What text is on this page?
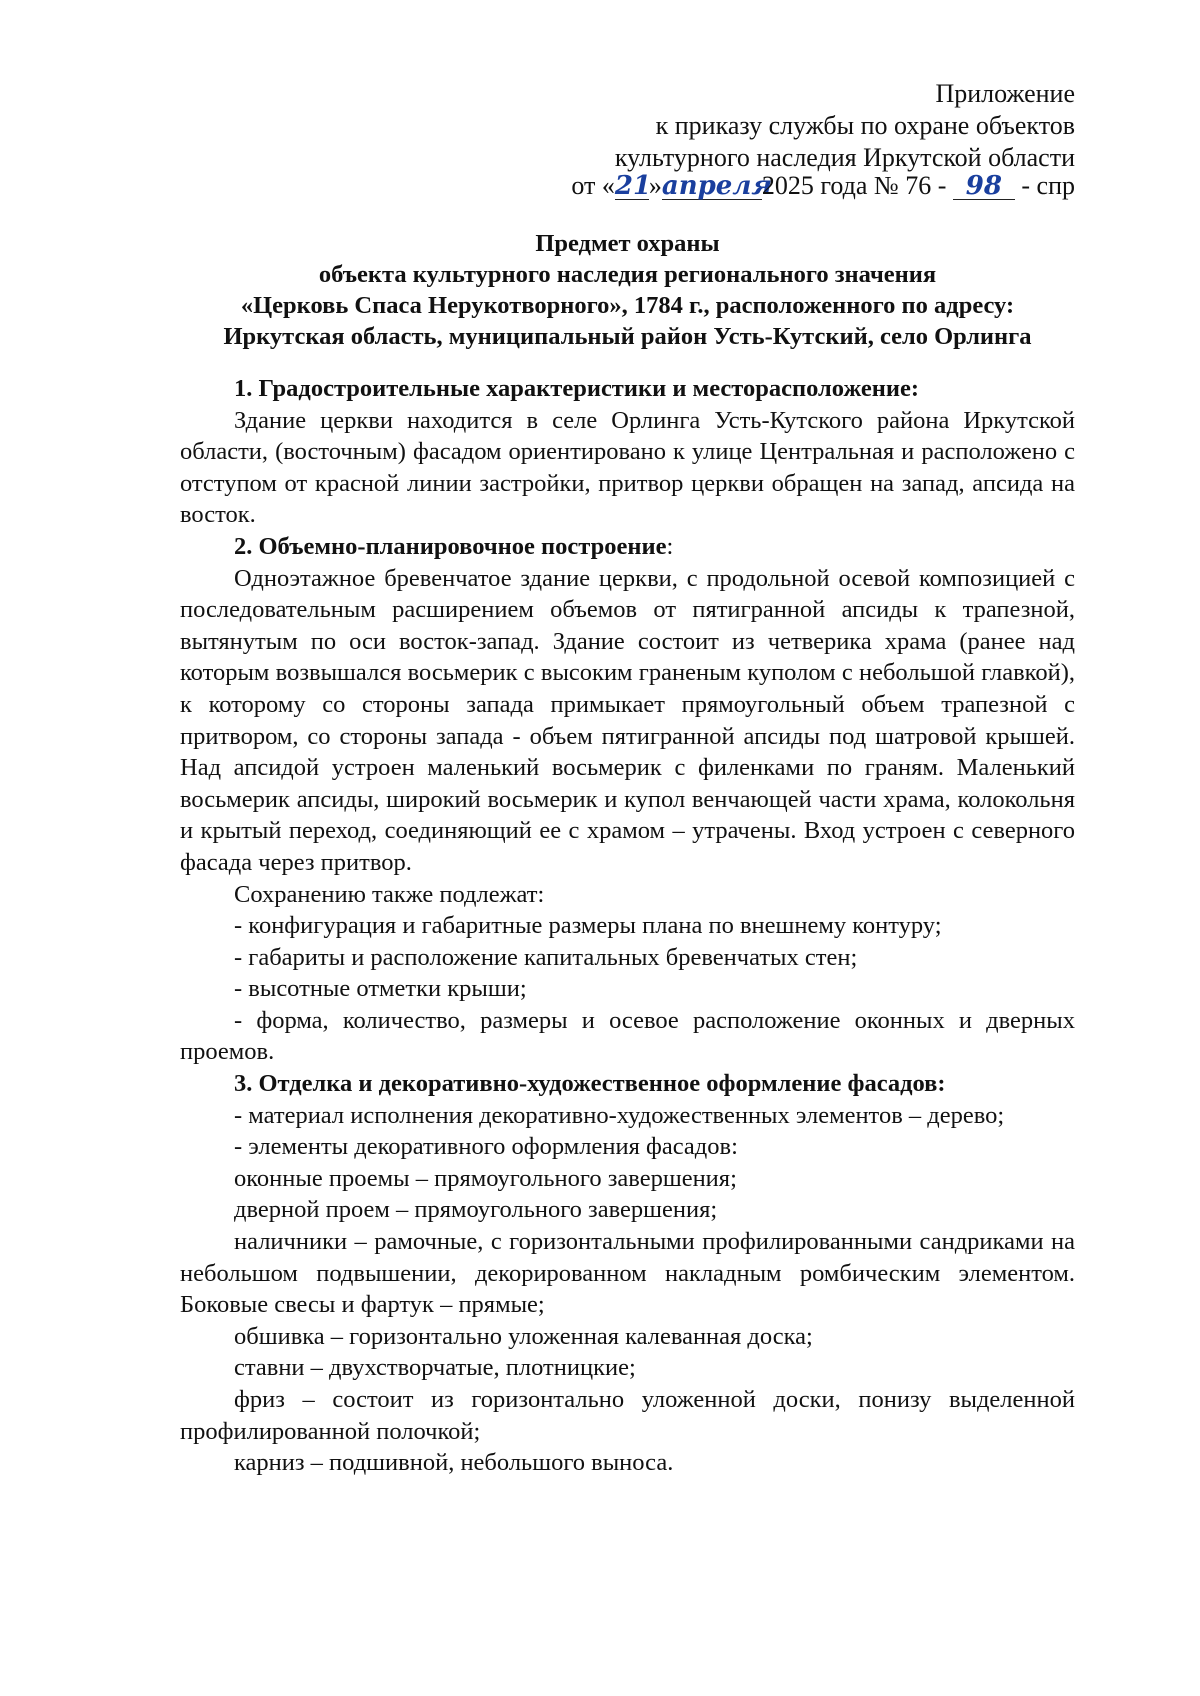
Приложение
к приказу службы по охране объектов
культурного наследия Иркутской области
от «21»апреля2025 года № 76 - 98 - спр
Предмет охраны
объекта культурного наследия регионального значения
«Церковь Спаса Нерукотворного», 1784 г., расположенного по адресу:
Иркутская область, муниципальный район Усть-Кутский, село Орлинга

1. Градостроительные характеристики и месторасположение:

Здание церкви находится в селе Орлинга Усть-Кутского района Иркутской области, (восточным) фасадом ориентировано к улице Центральная и расположено с отступом от красной линии застройки, притвор церкви обращен на запад, апсида на восток.

2. Объемно-планировочное построение:

Одноэтажное бревенчатое здание церкви, с продольной осевой композицией с последовательным расширением объемов от пятигранной апсиды к трапезной, вытянутым по оси восток-запад. Здание состоит из четверика храма (ранее над которым возвышался восьмерик с высоким граненым куполом с небольшой главкой), к которому со стороны запада примыкает прямоугольный объем трапезной с притвором, со стороны запада - объем пятигранной апсиды под шатровой крышей. Над апсидой устроен маленький восьмерик с филенками по граням. Маленький восьмерик апсиды, широкий восьмерик и купол венчающей части храма, колокольня и крытый переход, соединяющий ее с храмом – утрачены. Вход устроен с северного фасада через притвор.

Сохранению также подлежат:

- конфигурация и габаритные размеры плана по внешнему контуру;

- габариты и расположение капитальных бревенчатых стен;

- высотные отметки крыши;

- форма, количество, размеры и осевое расположение оконных и дверных проемов.

3. Отделка и декоративно-художественное оформление фасадов:

- материал исполнения декоративно-художественных элементов – дерево;

- элементы декоративного оформления фасадов:

оконные проемы – прямоугольного завершения;

дверной проем – прямоугольного завершения;

наличники – рамочные, с горизонтальными профилированными сандриками на небольшом подвышении, декорированном накладным ромбическим элементом. Боковые свесы и фартук – прямые;

обшивка – горизонтально уложенная калеванная доска;

ставни – двухстворчатые, плотницкие;

фриз – состоит из горизонтально уложенной доски, понизу выделенной профилированной полочкой;

карниз – подшивной, небольшого выноса.
